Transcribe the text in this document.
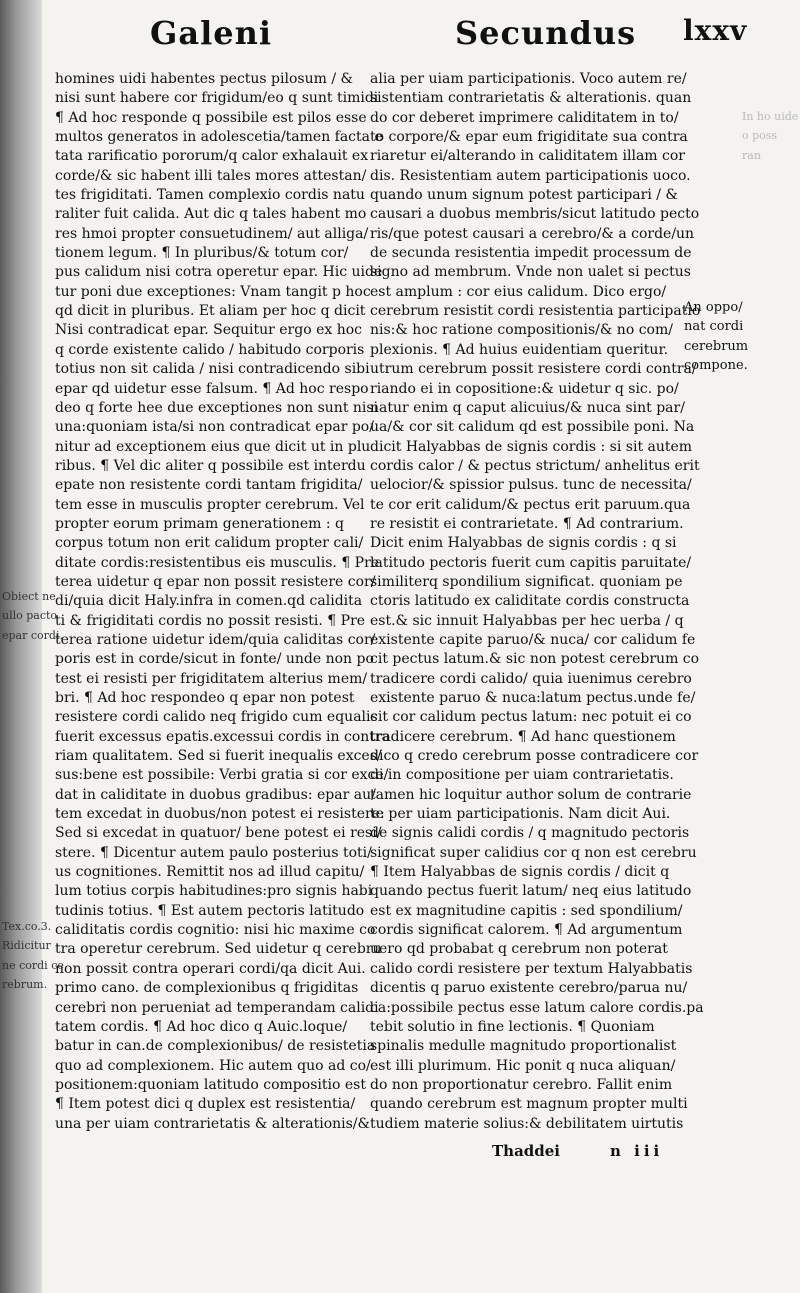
Galeni	Secundus lxxv
homines uidi habentes pectus pilosum / &
nisi sunt habere cor frigidum/eo q sunt timidi
¶ Ad hoc responde q possibile est pilos esse
multos generatos in adolescetia/tamen facta e
tata rarificatio pororum/q calor exhalauit ex
corde/& sic habent illi tales mores attestan/
tes frigiditati. Tamen complexio cordis natu
raliter fuit calida. Aut dic q tales habent mo
res hmoi propter consuetudinem/ aut alliga/
tionem legum. ¶ In pluribus/& totum cor/
pus calidum nisi cotra operetur epar. Hic uide
tur poni due exceptiones: Vnam tangit p hoc
qd dicit in pluribus. Et aliam per hoc q dicit
Nisi contradicat epar. Sequitur ergo ex hoc
q corde existente calido / habitudo corporis
totius non sit calida / nisi contradicendo sibi
epar qd uidetur esse falsum. ¶ Ad hoc respo
deo q forte hee due exceptiones non sunt nisi
una:quoniam ista/si non contradicat epar po/
nitur ad exceptionem eius que dicit ut in plu
ribus. ¶ Vel dic aliter q possibile est interdu
epate non resistente cordi tantam frigidita/
tem esse in musculis propter cerebrum. Vel
propter eorum primam generationem : q
corpus totum non erit calidum propter cali/
ditate cordis:resistentibus eis musculis. ¶ Pre
terea uidetur q epar non possit resistere cor/
di/quia dicit Haly.infra in comen.qd calidita
ti & frigiditati cordis no possit resisti. ¶ Pre
terea ratione uidetur idem/quia caliditas cor/
poris est in corde/sicut in fonte/ unde non po
test ei resisti per frigiditatem alterius mem/
bri. ¶ Ad hoc respondeo q epar non potest
resistere cordi calido neq frigido cum equalis
fuerit excessus epatis.excessui cordis in contra
riam qualitatem. Sed si fuerit inequalis exces/
sus:bene est possibile: Verbi gratia si cor exce/
dat in caliditate in duobus gradibus: epar au/
tem excedat in duobus/non potest ei resistere:
Sed si excedat in quatuor/ bene potest ei resi/
stere. ¶ Dicentur autem paulo posterius toti/
us cognitiones. Remittit nos ad illud capitu/
lum totius corpis habitudines:pro signis habi
tudinis totius. ¶ Est autem pectoris latitudo
caliditatis cordis cognitio: nisi hic maxime co
tra operetur cerebrum. Sed uidetur q cerebru
non possit contra operari cordi/qa dicit Aui.
primo cano. de complexionibus q frigiditas
cerebri non perueniat ad temperandam calidi
tatem cordis. ¶ Ad hoc dico q Auic.loque/
batur in can.de complexionibus/ de resistetia
quo ad complexionem. Hic autem quo ad co/
positionem:quoniam latitudo compositio est
¶ Item potest dici q duplex est resistentia/
una per uiam contrarietatis & alterationis/&
alia per uiam participationis. Voco autem re/
sistentiam contrarietatis & alterationis. quan
do cor deberet imprimere caliditatem in to/
to corpore/& epar eum frigiditate sua contra
riaretur ei/alterando in caliditatem illam cor
dis. Resistentiam autem participationis uoco.
quando unum signum potest participari / &
causari a duobus membris/sicut latitudo pecto
ris/que potest causari a cerebro/& a corde/un
de secunda resistentia impedit processum de
signo ad membrum. Vnde non ualet si pectus
est amplum : cor eius calidum. Dico ergo/
cerebrum resistit cordi resistentia participatio
nis:& hoc ratione compositionis/& no com/
plexionis. ¶ Ad huius euidentiam queritur.
utrum cerebrum possit resistere cordi contra/
riando ei in copositione:& uidetur q sic. po/
natur enim q caput alicuius/& nuca sint par/
ua/& cor sit calidum qd est possibile poni. Na
dicit Halyabbas de signis cordis : si sit autem
cordis calor / & pectus strictum/ anhelitus erit
uelocior/& spissior pulsus. tunc de necessita/
te cor erit calidum/& pectus erit paruum.qua
re resistit ei contrarietate. ¶ Ad contrarium.
Dicit enim Halyabbas de signis cordis : q si
latitudo pectoris fuerit cum capitis paruitate/
similiterq spondilium significat. quoniam pe
ctoris latitudo ex caliditate cordis constructa
est.& sic innuit Halyabbas per hec uerba / q
existente capite paruo/& nuca/ cor calidum fe
cit pectus latum.& sic non potest cerebrum co
tradicere cordi calido/ quia iuenimus cerebro
existente paruo & nuca:latum pectus.unde fe/
cit cor calidum pectus latum: nec potuit ei co
tradicere cerebrum. ¶ Ad hanc questionem
dico q credo cerebrum posse contradicere cor
di in compositione per uiam contrarietatis.
tamen hic loquitur author solum de contrarie
te per uiam participationis. Nam dicit Aui.
de signis calidi cordis / q magnitudo pectoris
significat super calidius cor q non est cerebru
¶ Item Halyabbas de signis cordis / dicit q
quando pectus fuerit latum/ neq eius latitudo
est ex magnitudine capitis : sed spondilium/
cordis significat calorem. ¶ Ad argumentum
uero qd probabat q cerebrum non poterat
calido cordi resistere per textum Halyabbatis
dicentis q paruo existente cerebro/parua nu/
ca:possibile pectus esse latum calore cordis.pa
tebit solutio in fine lectionis. ¶ Quoniam
spinalis medulle magnitudo proportionalist
est illi plurimum. Hic ponit q nuca aliquan/
do non proportionatur cerebro. Fallit enim
quando cerebrum est magnum propter multi
tudiem materie solius:& debilitatem uirtutis
Obiect ne
ullo pacto
epar cordi.
Tex.co.3.
Ridicitur
ne cordi ce
rebrum.
An oppo/
nat cordi
cerebrum
compone.
In ho uide
o poss
ran
Thaddei	n iii
